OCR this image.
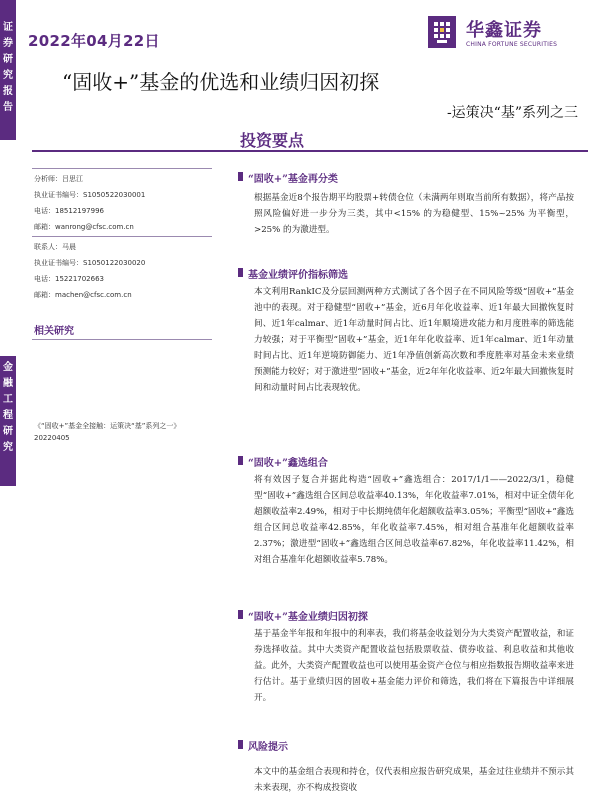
证券研究报告
金融工程研究
2022年04月22日	华鑫证券
CHINA FORTUNE SECURITIES
“固收+”基金的优选和业绩归因初探
-运策决“基”系列之三
投资要点
分析师：吕思江
执业证书编号：S1050522030001
电话：18512197996
邮箱：wanrong@cfsc.com.cn
联系人：马晨
执业证书编号：S1050122030020
电话：15221702663
邮箱：machen@cfsc.com.cn
相关研究
《“固收+”基金全接触：运策决“基”系列之一》20220405
“固收+”基金再分类
根据基金近8个报告期平均股票+转债仓位（未满两年则取当前所有数据），将产品按照风险偏好进一步分为三类，其中<15% 的为稳健型、15%~25% 为平衡型，>25% 的为激进型。
基金业绩评价指标筛选
本文利用RankIC及分层回测两种方式测试了各个因子在不同风险等级“固收+”基金池中的表现。对于稳健型“固收+”基金，近6月年化收益率、近1年最大回撤恢复时间、近1年calmar、近1年动量时间占比、近1年顺境进攻能力和月度胜率的筛选能力较强；对于平衡型“固收+”基金，近1年年化收益率、近1年calmar、近1年动量时间占比、近1年逆境防御能力、近1年净值创新高次数和季度胜率对基金未来业绩预测能力较好；对于激进型“固收+”基金，近2年年化收益率、近2年最大回撤恢复时间和动量时间占比表现较优。
“固收+”鑫选组合
将有效因子复合并据此构造“固收+”鑫选组合：2017/1/1——2022/3/1，稳健型“固收+”鑫选组合区间总收益率40.13%，年化收益率7.01%，相对中证全债年化超额收益率2.49%，相对于中长期纯债年化超额收益率3.05%；平衡型“固收+”鑫选组合区间总收益率42.85%，年化收益率7.45%，相对组合基准年化超额收益率2.37%；激进型“固收+”鑫选组合区间总收益率67.82%，年化收益率11.42%，相对组合基准年化超额收益率5.78%。
“固收+”基金业绩归因初探
基于基金半年报和年报中的利率表，我们将基金收益划分为大类资产配置收益，和证券选择收益。其中大类资产配置收益包括股票收益、债券收益、利息收益和其他收益。此外，大类资产配置收益也可以使用基金资产仓位与相应指数报告期收益率来进行估计。基于业绩归因的固收+基金能力评价和筛选，我们将在下篇报告中详细展开。
风险提示
本文中的基金组合表现和持仓，仅代表相应报告研究成果，基金过往业绩并不预示其未来表现，亦不构成投资收
